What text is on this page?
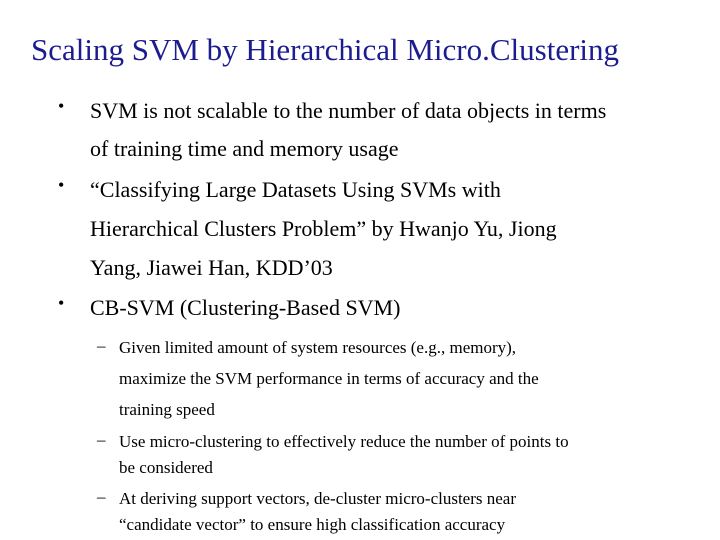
Scaling SVM by Hierarchical Micro.Clustering
•	SVM is not scalable to the number of data objects in terms
of training time and memory usage
•	“Classifying Large Datasets Using SVMs with
Hierarchical Clusters Problem” by Hwanjo Yu, Jiong
Yang, Jiawei Han, KDD’03
•	CB-SVM (Clustering-Based SVM)
– Given limited amount of system resources (e.g., memory),
maximize the SVM performance in terms of accuracy and the
training speed
– Use micro-clustering to effectively reduce the number of points to
be considered
– At deriving support vectors, de-cluster micro-clusters near
“candidate vector” to ensure high classification accuracy
